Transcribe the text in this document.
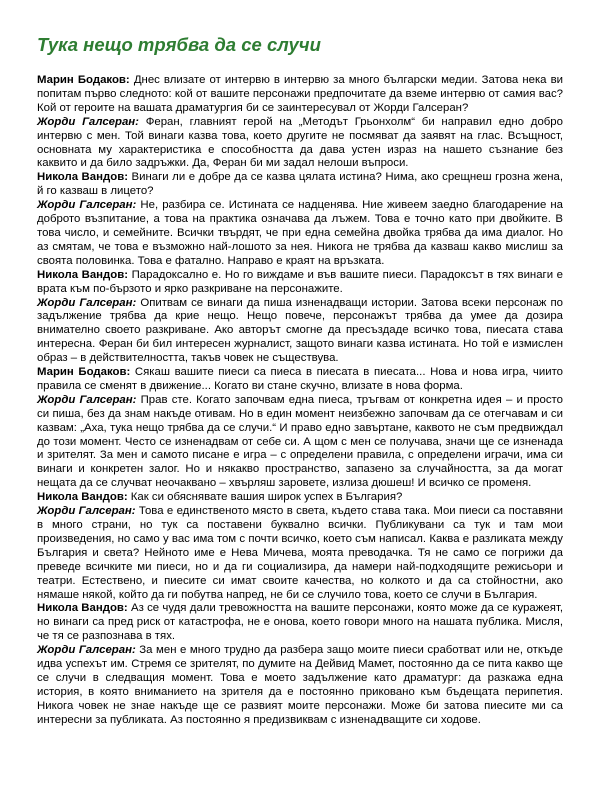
Тука нещо трябва да се случи

Марин Бодаков: Днес влизате от интервю в интервю за много български медии. Затова нека ви попитам първо следното: кой от вашите персонажи предпочитате да вземе интервю от самия вас? Кой от героите на вашата драматургия би се заинтересувал от Жорди Галсеран?

Жорди Галсеран: Феран, главният герой на „Методът Грьонхолм“ би направил едно добро интервю с мен. Той винаги казва това, което другите не посмяват да заявят на глас. Всъщност, основната му характеристика е способността да дава устен израз на нашето съзнание без каквито и да било задръжки. Да, Феран би ми задал нелоши въпроси.

Никола Вандов: Винаги ли е добре да се казва цялата истина? Нима, ако срещнеш грозна жена, й го казваш в лицето?

Жорди Галсеран: Не, разбира се. Истината се надценява. Ние живеем заедно благодарение на доброто възпитание, а това на практика означава да лъжем. Това е точно като при двойките. В това число, и семейните. Всички твърдят, че при една семейна двойка трябва да има диалог. Но аз смятам, че това е възможно най-лошото за нея. Никога не трябва да казваш какво мислиш за своята половинка. Това е фатално. Направо е краят на връзката.

Никола Вандов: Парадоксално е. Но го виждаме и във вашите пиеси. Парадоксът в тях винаги е врата към по-бързото и ярко разкриване на персонажите.

Жорди Галсеран: Опитвам се винаги да пиша изненадващи истории. Затова всеки персонаж по задължение трябва да крие нещо. Нещо повече, персонажът трябва да умее да дозира внимателно своето разкриване. Ако авторът смогне да пресъздаде всичко това, пиесата става интересна. Феран би бил интересен журналист, защото винаги казва истината. Но той е измислен образ – в действителността, такъв човек не съществува.

Марин Бодаков: Сякаш вашите пиеси са пиеса в пиесата в пиесата... Нова и нова игра, чиито правила се сменят в движение... Когато ви стане скучно, влизате в нова форма.

Жорди Галсеран: Прав сте. Когато започвам една пиеса, тръгвам от конкретна идея – и просто си пиша, без да знам накъде отивам. Но в един момент неизбежно започвам да се отегчавам и си казвам: „Аха, тука нещо трябва да се случи.“ И право едно завъртане, каквото не съм предвиждал до този момент. Често се изненадвам от себе си. А щом с мен се получава, значи ще се изненада и зрителят. За мен и самото писане е игра – с определени правила, с определени играчи, има си винаги и конкретен залог. Но и някакво пространство, запазено за случайността, за да могат нещата да се случват неочаквано – хвърляш заровете, излиза дюшеш! И всичко се променя.

Никола Вандов: Как си обяснявате вашия широк успех в България?

Жорди Галсеран: Това е единственото място в света, където става така. Мои пиеси са поставяни в много страни, но тук са поставени буквално всички. Публикувани са тук и там мои произведения, но само у вас има том с почти всичко, което съм написал. Каква е разликата между България и света? Нейното име е Нева Мичева, моята преводачка. Тя не само се погрижи да преведе всичките ми пиеси, но и да ги социализира, да намери най-подходящите режисьори и театри. Естествено, и пиесите си имат своите качества, но колкото и да са стойностни, ако нямаше някой, който да ги побутва напред, не би се случило това, което се случи в България.

Никола Вандов: Аз се чудя дали тревожността на вашите персонажи, която може да се куражеят, но винаги са пред риск от катастрофа, не е онова, което говори много на нашата публика. Мисля, че тя се разпознава в тях.

Жорди Галсеран: За мен е много трудно да разбера защо моите пиеси сработват или не, откъде идва успехът им. Стремя се зрителят, по думите на Дейвид Мамет, постоянно да се пита какво ще се случи в следващия момент. Това е моето задължение като драматург: да разкажа една история, в която вниманието на зрителя да е постоянно приковано към бъдещата перипетия. Никога човек не знае накъде ще се развият моите персонажи. Може би затова пиесите ми са интересни за публиката. Аз постоянно я предизвиквам с изненадващите си ходове.
